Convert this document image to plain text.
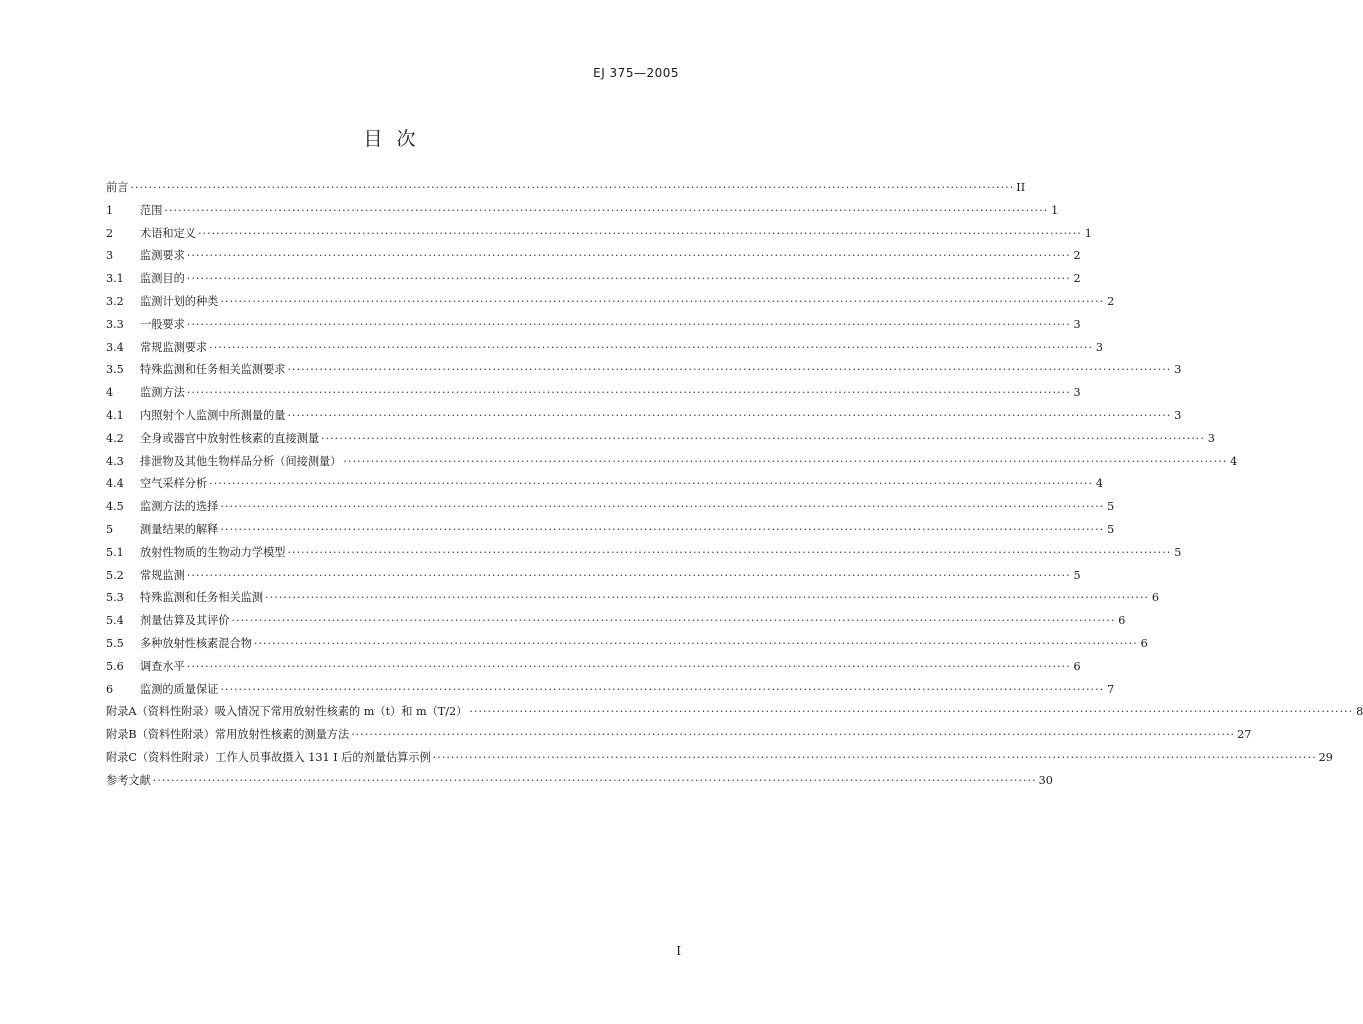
EJ 375—2005
目次
前言 ·····	II
1	范围 ·····	1
2	术语和定义 ·····	1
3	监测要求 ·····	2
3.1	监测目的 ·····	2
3.2	监测计划的种类 ·····	2
3.3	一般要求 ·····	3
3.4	常规监测要求 ·····	3
3.5	特殊监测和任务相关监测要求 ·····	3
4	监测方法 ·····	3
4.1	内照射个人监测中所测量的量 ·····	3
4.2	全身或器官中放射性核素的直接测量 ·····	3
4.3	排泄物及其他生物样品分析（间接测量） ·····	4
4.4	空气采样分析 ·····	4
4.5	监测方法的选择 ·····	5
5	测量结果的解释 ·····	5
5.1	放射性物质的生物动力学模型 ·····	5
5.2	常规监测 ·····	5
5.3	特殊监测和任务相关监测 ·····	6
5.4	剂量估算及其评价 ·····	6
5.5	多种放射性核素混合物 ·····	6
5.6	调查水平 ·····	6
6	监测的质量保证 ·····	7
附录A（资料性附录） 吸入情况下常用放射性核素的 m（t）和 m（T/2） ·····	8
附录B（资料性附录） 常用放射性核素的测量方法 ·····	27
附录C（资料性附录） 工作人员事故摄入 131 I 后的剂量估算示例 ·····	29
参考文献 ·····	30
I
